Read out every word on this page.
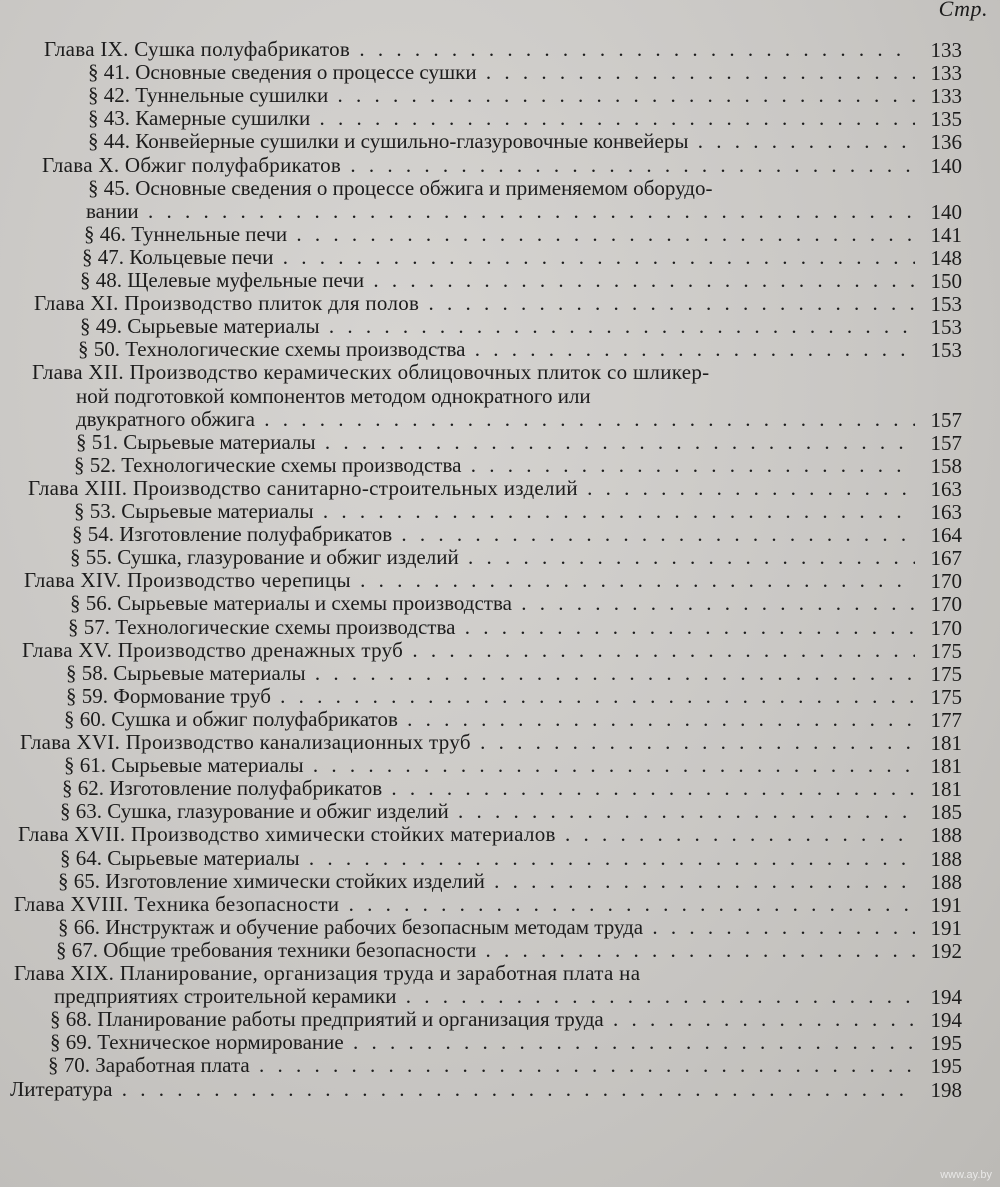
Стр.
Глава IX. Сушка полуфабрикатов . . .	133
§ 41. Основные сведения о процессе сушки . . .	133
§ 42. Туннельные сушилки . . .	133
§ 43. Камерные сушилки . . .	135
§ 44. Конвейерные сушилки и сушильно-глазуровочные конвейеры . . .	136
Глава X. Обжиг полуфабрикатов . . .	140
§ 45. Основные сведения о процессе обжига и применяемом оборудо-
вании . . .	140
§ 46. Туннельные печи . . .	141
§ 47. Кольцевые печи . . .	148
§ 48. Щелевые муфельные печи . . .	150
Глава XI. Производство плиток для полов . . .	153
§ 49. Сырьевые материалы . . .	153
§ 50. Технологические схемы производства . . .	153
Глава XII. Производство керамических облицовочных плиток со шликер-
ной подготовкой компонентов методом однократного или
двукратного обжига . . .	157
§ 51. Сырьевые материалы . . .	157
§ 52. Технологические схемы производства . . .	158
Глава XIII. Производство санитарно-строительных изделий . . .	163
§ 53. Сырьевые материалы . . .	163
§ 54. Изготовление полуфабрикатов . . .	164
§ 55. Сушка, глазурование и обжиг изделий . . .	167
Глава XIV. Производство черепицы . . .	170
§ 56. Сырьевые материалы и схемы производства . . .	170
§ 57. Технологические схемы производства . . .	170
Глава XV. Производство дренажных труб . . .	175
§ 58. Сырьевые материалы . . .	175
§ 59. Формование труб . . .	175
§ 60. Сушка и обжиг полуфабрикатов . . .	177
Глава XVI. Производство канализационных труб . . .	181
§ 61. Сырьевые материалы . . .	181
§ 62. Изготовление полуфабрикатов . . .	181
§ 63. Сушка, глазурование и обжиг изделий . . .	185
Глава XVII. Производство химически стойких материалов . . .	188
§ 64. Сырьевые материалы . . .	188
§ 65. Изготовление химически стойких изделий . . .	188
Глава XVIII. Техника безопасности . . .	191
§ 66. Инструктаж и обучение рабочих безопасным методам труда . . .	191
§ 67. Общие требования техники безопасности . . .	192
Глава XIX. Планирование, организация труда и заработная плата на
предприятиях строительной керамики . . .	194
§ 68. Планирование работы предприятий и организация труда . . .	194
§ 69. Техническое нормирование . . .	195
§ 70. Заработная плата . . .	195
Литература . . .	198
www.ay.by
